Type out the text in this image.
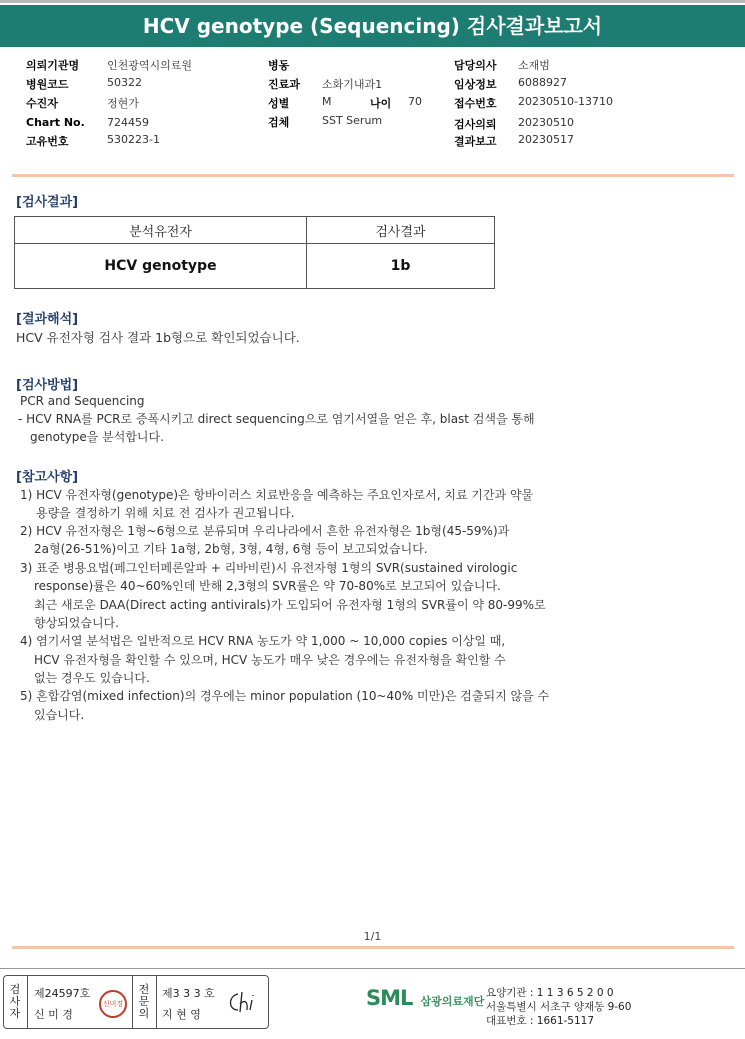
HCV genotype (Sequencing) 검사결과보고서
의뢰기관명	인천광역시의료원
병원코드	50322
수진자	정현가
Chart No. 724459
고유번호	530223-1
병동
진료과 소화기내과1
성별	M	나이 70
검체	SST Serum
담당의사 소재범
임상정보 6088927
접수번호 20230510-13710
검사의뢰 20230510
결과보고 20230517
[검사결과]
분석유전자	검사결과
HCV genotype	1b
[결과해석]
HCV 유전자형 검사 결과 1b형으로 확인되었습니다.
[검사방법]
PCR and Sequencing
- HCV RNA를 PCR로 증폭시키고 direct sequencing으로 염기서열을 얻은 후, blast 검색을 통해
genotype을 분석합니다.
[참고사항]
1) HCV 유전자형(genotype)은 항바이러스 치료반응을 예측하는 주요인자로서, 치료 기간과 약물
용량을 결정하기 위해 치료 전 검사가 권고됩니다.
2) HCV 유전자형은 1형~6형으로 분류되며 우리나라에서 흔한 유전자형은 1b형(45-59%)과
2a형(26-51%)이고 기타 1a형, 2b형, 3형, 4형, 6형 등이 보고되었습니다.
3) 표준 병용요법(페그인터페론알파 + 리바비린)시 유전자형 1형의 SVR(sustained virologic
response)률은 40~60%인데 반해 2,3형의 SVR률은 약 70-80%로 보고되어 있습니다.
최근 새로운 DAA(Direct acting antivirals)가 도입되어 유전자형 1형의 SVR률이 약 80-99%로
향상되었습니다.
4) 염기서열 분석법은 일반적으로 HCV RNA 농도가 약 1,000 ~ 10,000 copies 이상일 때,
HCV 유전자형을 확인할 수 있으며, HCV 농도가 매우 낮은 경우에는 유전자형을 확인할 수
없는 경우도 있습니다.
5) 혼합감염(mixed infection)의 경우에는 minor population (10~40% 미만)은 검출되지 않을 수
있습니다.
1/1
검
사
자
제24597호
신 미 경
신미경
전
문
의
제3 3 3 호
지 현 영
SML 삼광의료재단
요양기관 : 1 1 3 6 5 2 0 0
서울특별시 서초구 양재동 9-60
대표번호 : 1661-5117
